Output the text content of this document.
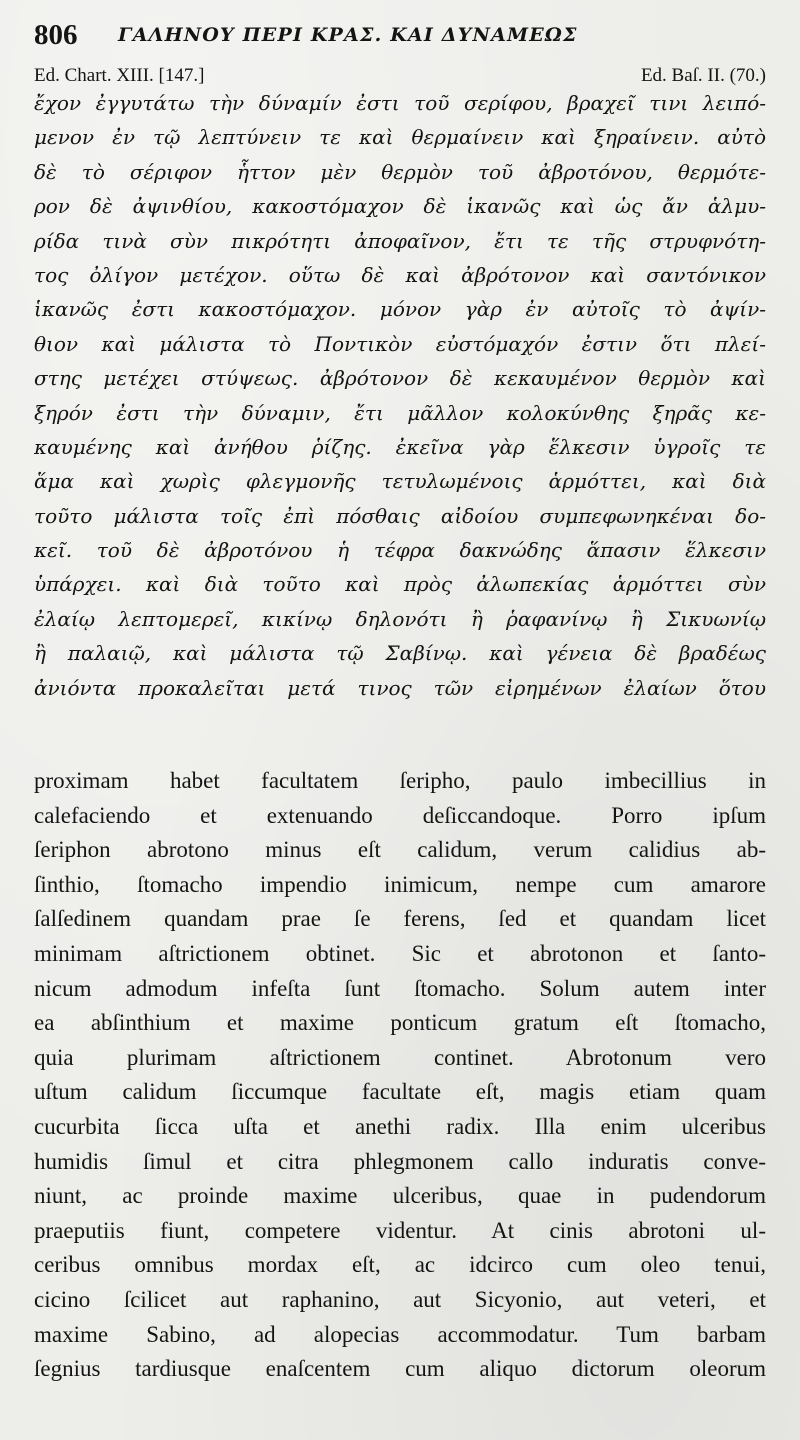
806 ΓΑΛΗΝΟΥ ΠΕΡΙ ΚΡΑΣ. ΚΑΙ ΔΥΝΑΜΕΩΣ
Ed. Chart. XIII. [147.]	Ed. Baſ. II. (70.)
ἔχον ἐγγυτάτω τὴν δύναμίν ἐστι τοῦ σερίφου, βραχεῖ τινι λειπό-
μενον ἐν τῷ λεπτύνειν τε καὶ θερμαίνειν καὶ ξηραίνειν. αὐτὸ
δὲ τὸ σέριφον ἧττον μὲν θερμὸν τοῦ ἀβροτόνου, θερμότε-
ρον δὲ ἀψινθίου, κακοστόμαχον δὲ ἱκανῶς καὶ ὡς ἄν ἁλμυ-
ρίδα τινὰ σὺν πικρότητι ἀποφαῖνον, ἔτι τε τῆς στρυφνότη-
τος ὀλίγον μετέχον. οὕτω δὲ καὶ ἀβρότονον καὶ σαντόνικον
ἱκανῶς ἐστι κακοστόμαχον. μόνον γὰρ ἐν αὐτοῖς τὸ ἀψίν-
θιον καὶ μάλιστα τὸ Ποντικὸν εὐστόμαχόν ἐστιν ὅτι πλεί-
στης μετέχει στύψεως. ἀβρότονον δὲ κεκαυμένον θερμὸν καὶ
ξηρόν ἐστι τὴν δύναμιν, ἔτι μᾶλλον κολοκύνθης ξηρᾶς κε-
καυμένης καὶ ἀνήθου ῥίζης. ἐκεῖνα γὰρ ἕλκεσιν ὑγροῖς τε
ἅμα καὶ χωρὶς φλεγμονῆς τετυλωμένοις ἁρμόττει, καὶ διὰ
τοῦτο μάλιστα τοῖς ἐπὶ πόσθαις αἰδοίου συμπεφωνηκέναι δο-
κεῖ. τοῦ δὲ ἀβροτόνου ἡ τέφρα δακνώδης ἅπασιν ἕλκεσιν
ὑπάρχει. καὶ διὰ τοῦτο καὶ πρὸς ἀλωπεκίας ἁρμόττει σὺν
ἐλαίῳ λεπτομερεῖ, κικίνῳ δηλονότι ἢ ῥαφανίνῳ ἢ Σικυωνίῳ
ἢ παλαιῷ, καὶ μάλιστα τῷ Σαβίνῳ. καὶ γένεια δὲ βραδέως
ἀνιόντα προκαλεῖται μετά τινος τῶν εἰρημένων ἐλαίων ὅτου
proximam habet facultatem ſeripho, paulo imbecillius in
calefaciendo et extenuando deſiccandoque. Porro ipſum
ſeriphon abrotono minus eſt calidum, verum calidius ab-
ſinthio, ſtomacho impendio inimicum, nempe cum amarore
ſalſedinem quandam prae ſe ferens, ſed et quandam licet
minimam aſtrictionem obtinet. Sic et abrotonon et ſanto-
nicum admodum infeſta ſunt ſtomacho. Solum autem inter
ea abſinthium et maxime ponticum gratum eſt ſtomacho,
quia plurimam aſtrictionem continet. Abrotonum vero
uſtum calidum ſiccumque facultate eſt, magis etiam quam
cucurbita ſicca uſta et anethi radix. Illa enim ulceribus
humidis ſimul et citra phlegmonem callo induratis conve-
niunt, ac proinde maxime ulceribus, quae in pudendorum
praeputiis fiunt, competere videntur. At cinis abrotoni ul-
ceribus omnibus mordax eſt, ac idcirco cum oleo tenui,
cicino ſcilicet aut raphanino, aut Sicyonio, aut veteri, et
maxime Sabino, ad alopecias accommodatur. Tum barbam
ſegnius tardiusque enaſcentem cum aliquo dictorum oleorum
